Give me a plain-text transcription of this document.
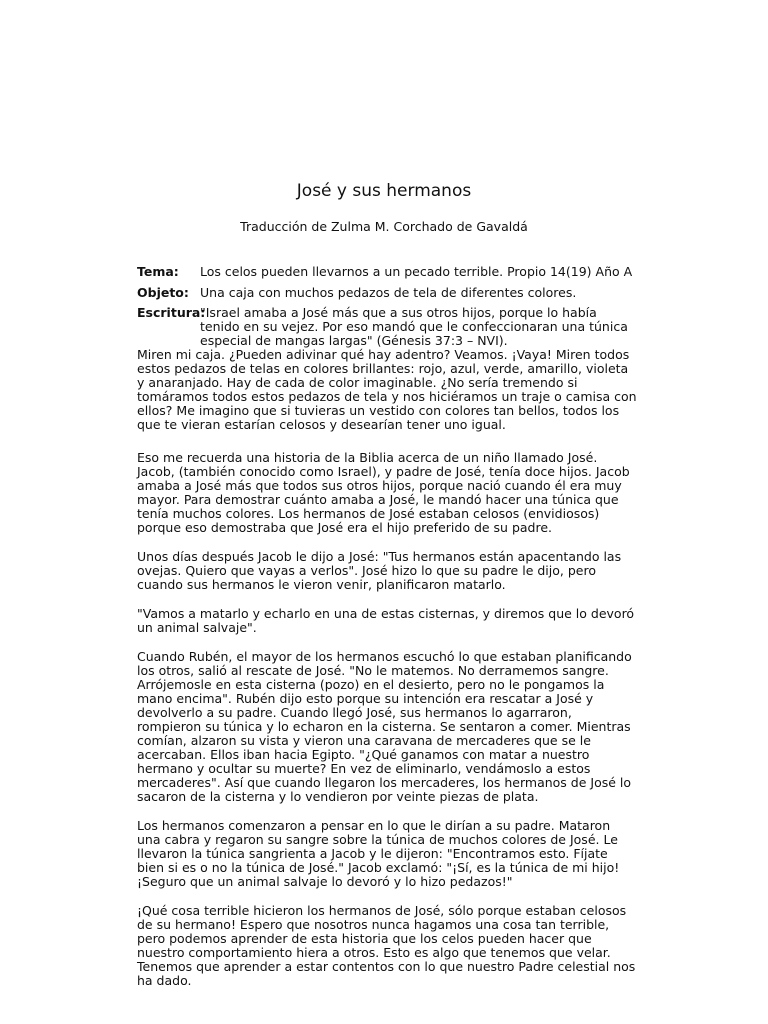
José y sus hermanos
Traducción de Zulma M. Corchado de Gavaldá
Tema: Los celos pueden llevarnos a un pecado terrible. Propio 14(19) Año A
Objeto: Una caja con muchos pedazos de tela de diferentes colores.
Escritura:
"Israel amaba a José más que a sus otros hijos, porque lo había tenido en su vejez. Por eso mandó que le confeccionaran una túnica especial de mangas largas" (Génesis 37:3 – NVI).

Miren mi caja. ¿Pueden adivinar qué hay adentro? Veamos. ¡Vaya! Miren todos estos pedazos de telas en colores brillantes: rojo, azul, verde, amarillo, violeta y anaranjado. Hay de cada de color imaginable. ¿No sería tremendo si tomáramos todos estos pedazos de tela y nos hiciéramos un traje o camisa con ellos? Me imagino que si tuvieras un vestido con colores tan bellos, todos los que te vieran estarían celosos y desearían tener uno igual.

Eso me recuerda una historia de la Biblia acerca de un niño llamado José. Jacob, (también conocido como Israel), y padre de José, tenía doce hijos. Jacob amaba a José más que todos sus otros hijos, porque nació cuando él era muy mayor. Para demostrar cuánto amaba a José, le mandó hacer una túnica que tenía muchos colores. Los hermanos de José estaban celosos (envidiosos) porque eso demostraba que José era el hijo preferido de su padre.

Unos días después Jacob le dijo a José: "Tus hermanos están apacentando las ovejas. Quiero que vayas a verlos". José hizo lo que su padre le dijo, pero cuando sus hermanos le vieron venir, planificaron matarlo.

"Vamos a matarlo y echarlo en una de estas cisternas, y diremos que lo devoró un animal salvaje".

Cuando Rubén, el mayor de los hermanos escuchó lo que estaban planificando los otros, salió al rescate de José. "No le matemos. No derramemos sangre. Arrójemosle en esta cisterna (pozo) en el desierto, pero no le pongamos la mano encima". Rubén dijo esto porque su intención era rescatar a José y devolverlo a su padre. Cuando llegó José, sus hermanos lo agarraron, rompieron su túnica y lo echaron en la cisterna. Se sentaron a comer. Mientras comían, alzaron su vista y vieron una caravana de mercaderes que se le acercaban. Ellos iban hacia Egipto. "¿Qué ganamos con matar a nuestro hermano y ocultar su muerte? En vez de eliminarlo, vendámoslo a estos mercaderes". Así que cuando llegaron los mercaderes, los hermanos de José lo sacaron de la cisterna y lo vendieron por veinte piezas de plata.

Los hermanos comenzaron a pensar en lo que le dirían a su padre. Mataron una cabra y regaron su sangre sobre la túnica de muchos colores de José. Le llevaron la túnica sangrienta a Jacob y le dijeron: "Encontramos esto. Fíjate bien si es o no la túnica de José." Jacob exclamó: "¡Sí, es la túnica de mi hijo! ¡Seguro que un animal salvaje lo devoró y lo hizo pedazos!"

¡Qué cosa terrible hicieron los hermanos de José, sólo porque estaban celosos de su hermano! Espero que nosotros nunca hagamos una cosa tan terrible, pero podemos aprender de esta historia que los celos pueden hacer que nuestro comportamiento hiera a otros. Esto es algo que tenemos que velar. Tenemos que aprender a estar contentos con lo que nuestro Padre celestial nos ha dado.
